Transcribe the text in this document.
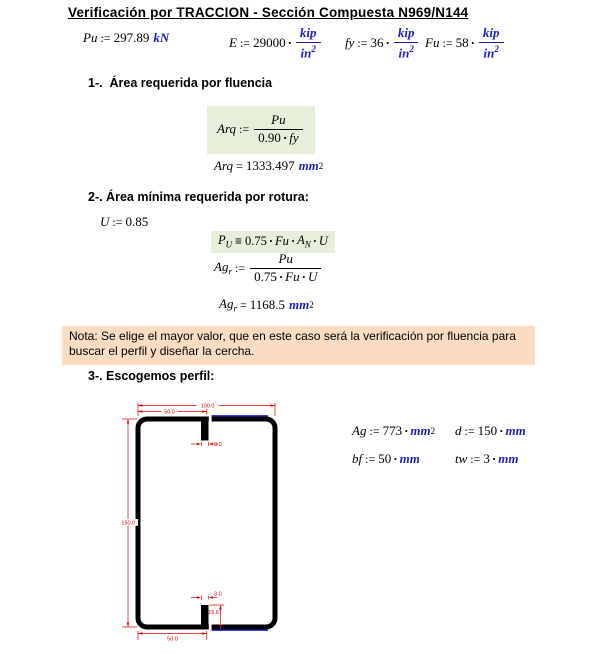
Verificación por TRACCION - Sección Compuesta N969/N144
Pu := 297.89 kN	E := $29000 \cdot \frac{\text{kip}}{in^2}$ fy := $36 \cdot \frac{\text{kip}}{in^2}$ Fu := $58 \cdot \frac{\text{kip}}{in^2}$
1-.  Área requerida por fluencia
Arq := $\frac{Pu}{0.90 \cdot fy}$
Arq = 1333.497 mm 2
2-. Área mínima requerida por rotura:
U := 0.85
$P_U \equiv 0.75 \cdot Fu \cdot A_N \cdot U$
$Ag_r$ := $\frac{Pu}{0.75 \cdot Fu \cdot U}$
$Ag_r = 1168.5$ mm 2
Nota: Se elige el mayor valor, que en este caso será la verificación por fluencia para buscar el perfil y diseñar la cercha.
3-. Escogemos perfil:
100.0
50.0
3.0
150.0
3.0
15.6
50.0
Ag := 773 · mm 2 d := 150 · mm
bf := 50 · mm	tw := 3 · mm
